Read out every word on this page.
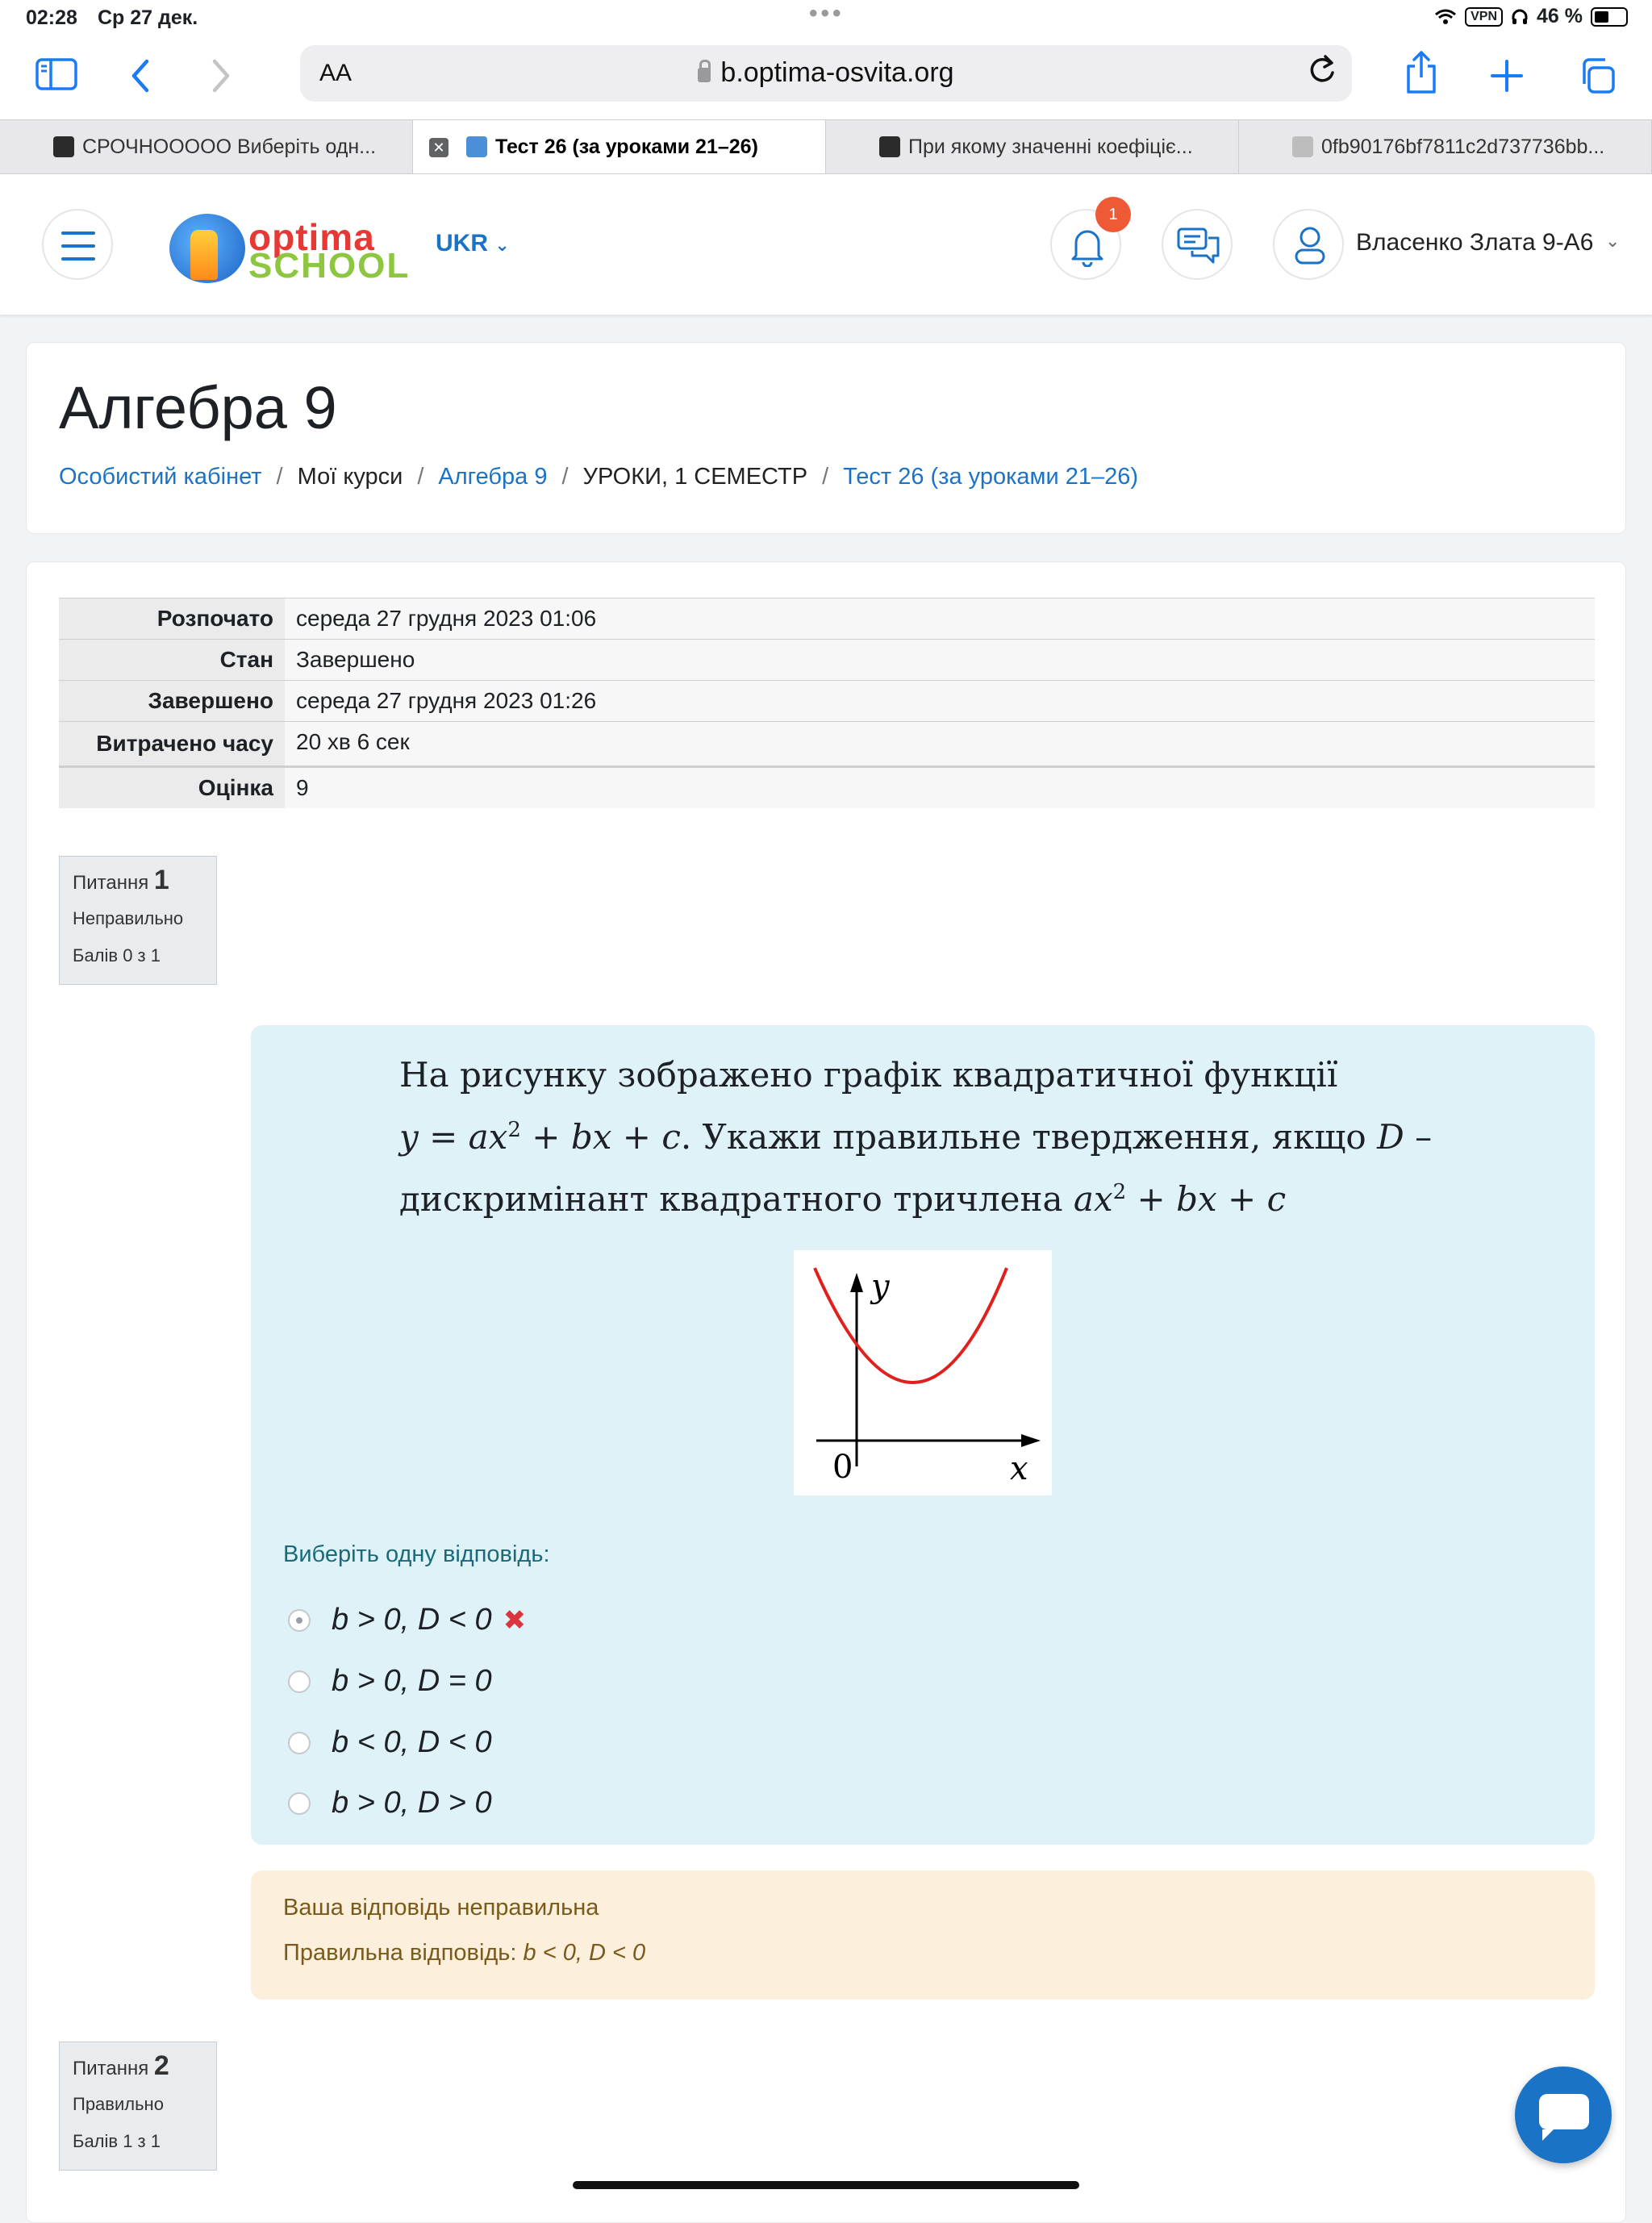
02:28 Ср 27 дек.	•••	VPN 46 %
AA	b.optima-osvita.org
СРОЧНОOOOO Виберіть одн...	✕ Тест 26 (за уроками 21–26)	При якому значенні коефіціє...	0fb90176bf7811c2d737736bb...
optima
SCHOOL
UKR ⌄
1
Власенко Злата 9-А6 ⌄
Алгебра 9
Особистий кабінет / Мої курси / Алгебра 9 / УРОКИ, 1 СЕМЕСТР / Тест 26 (за уроками 21–26)
Розпочато	середа 27 грудня 2023 01:06
Стан	Завершено
Завершено	середа 27 грудня 2023 01:26
Витрачено часу	20 хв 6 сек
Оцінка	9
Питання 1
Неправильно
Балів 0 з 1
На рисунку зображено графік квадратичної функції
$y = ax^2$ + bx + c. Укажи правильне твердження, якщо D –
дискримінант квадратного тричлена $ax^2$ + bx + c
y
0	x
Виберіть одну відповідь:
b > 0, D < 0 ✖
b > 0, D = 0
b < 0, D < 0
b > 0, D > 0
Ваша відповідь неправильна
Правильна відповідь: b < 0, D < 0
Питання 2
Правильно
Балів 1 з 1
